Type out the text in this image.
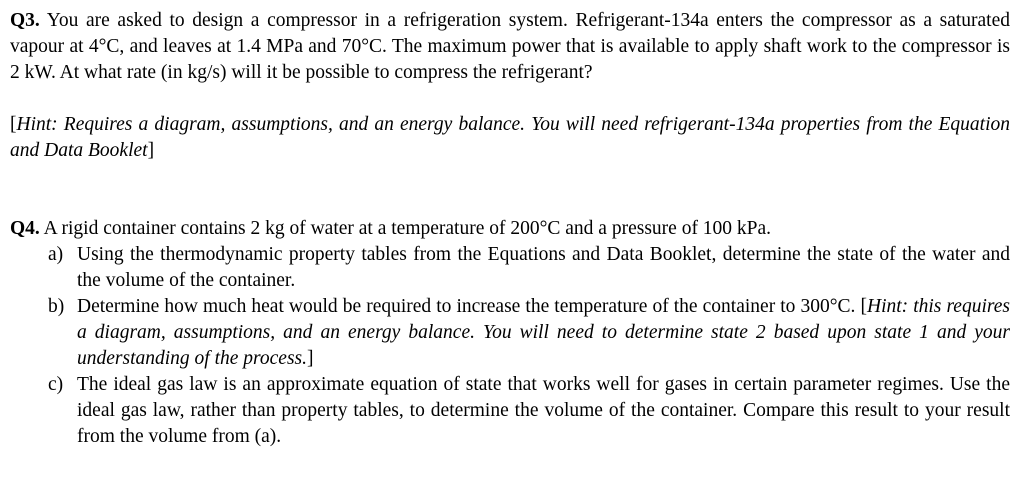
Q3. You are asked to design a compressor in a refrigeration system. Refrigerant-134a enters the compressor as a saturated vapour at 4°C, and leaves at 1.4 MPa and 70°C. The maximum power that is available to apply shaft work to the compressor is 2 kW. At what rate (in kg/s) will it be possible to compress the refrigerant?

[Hint: Requires a diagram, assumptions, and an energy balance. You will need refrigerant-134a properties from the Equation and Data Booklet]

Q4. A rigid container contains 2 kg of water at a temperature of 200°C and a pressure of 100 kPa.

a) Using the thermodynamic property tables from the Equations and Data Booklet, determine the state of the water and the volume of the container.
b) Determine how much heat would be required to increase the temperature of the container to 300°C. [Hint: this requires a diagram, assumptions, and an energy balance. You will need to determine state 2 based upon state 1 and your understanding of the process.]
c) The ideal gas law is an approximate equation of state that works well for gases in certain parameter regimes. Use the ideal gas law, rather than property tables, to determine the volume of the container. Compare this result to your result from the volume from (a).
